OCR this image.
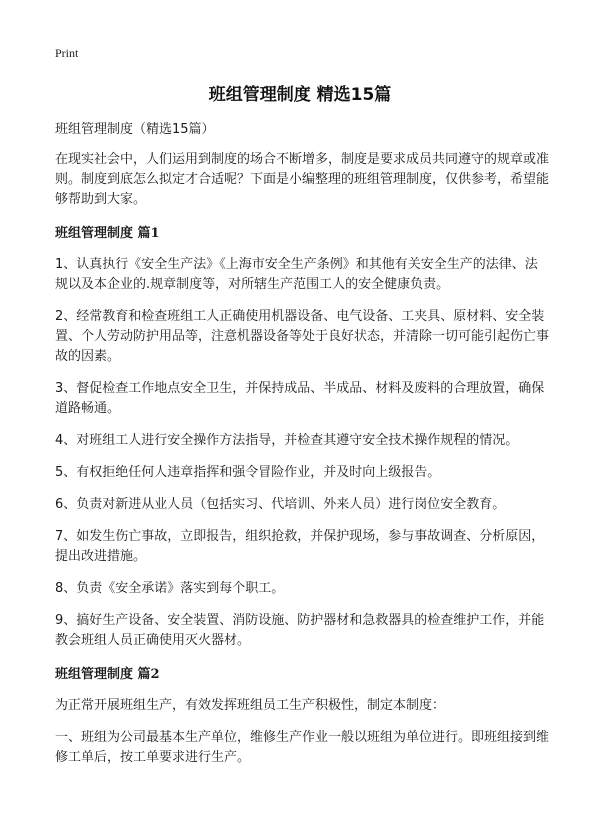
Print
班组管理制度 精选15篇

班组管理制度（精选15篇）

在现实社会中，人们运用到制度的场合不断增多，制度是要求成员共同遵守的规章或准则。制度到底怎么拟定才合适呢？下面是小编整理的班组管理制度，仅供参考，希望能够帮助到大家。

班组管理制度 篇1

1、认真执行《安全生产法》《上海市安全生产条例》和其他有关安全生产的法律、法规以及本企业的.规章制度等，对所辖生产范围工人的安全健康负责。

2、经常教育和检查班组工人正确使用机器设备、电气设备、工夹具、原材料、安全装置、个人劳动防护用品等，注意机器设备等处于良好状态，并清除一切可能引起伤亡事故的因素。

3、督促检查工作地点安全卫生，并保持成品、半成品、材料及废料的合理放置，确保道路畅通。

4、对班组工人进行安全操作方法指导，并检查其遵守安全技术操作规程的情况。

5、有权拒绝任何人违章指挥和强令冒险作业，并及时向上级报告。

6、负责对新进从业人员（包括实习、代培训、外来人员）进行岗位安全教育。

7、如发生伤亡事故，立即报告，组织抢救，并保护现场，参与事故调查、分析原因，提出改进措施。

8、负责《安全承诺》落实到每个职工。

9、搞好生产设备、安全装置、消防设施、防护器材和急救器具的检查维护工作，并能教会班组人员正确使用灭火器材。

班组管理制度 篇2

为正常开展班组生产，有效发挥班组员工生产积极性，制定本制度：

一、班组为公司最基本生产单位，维修生产作业一般以班组为单位进行。即班组接到维修工单后，按工单要求进行生产。
